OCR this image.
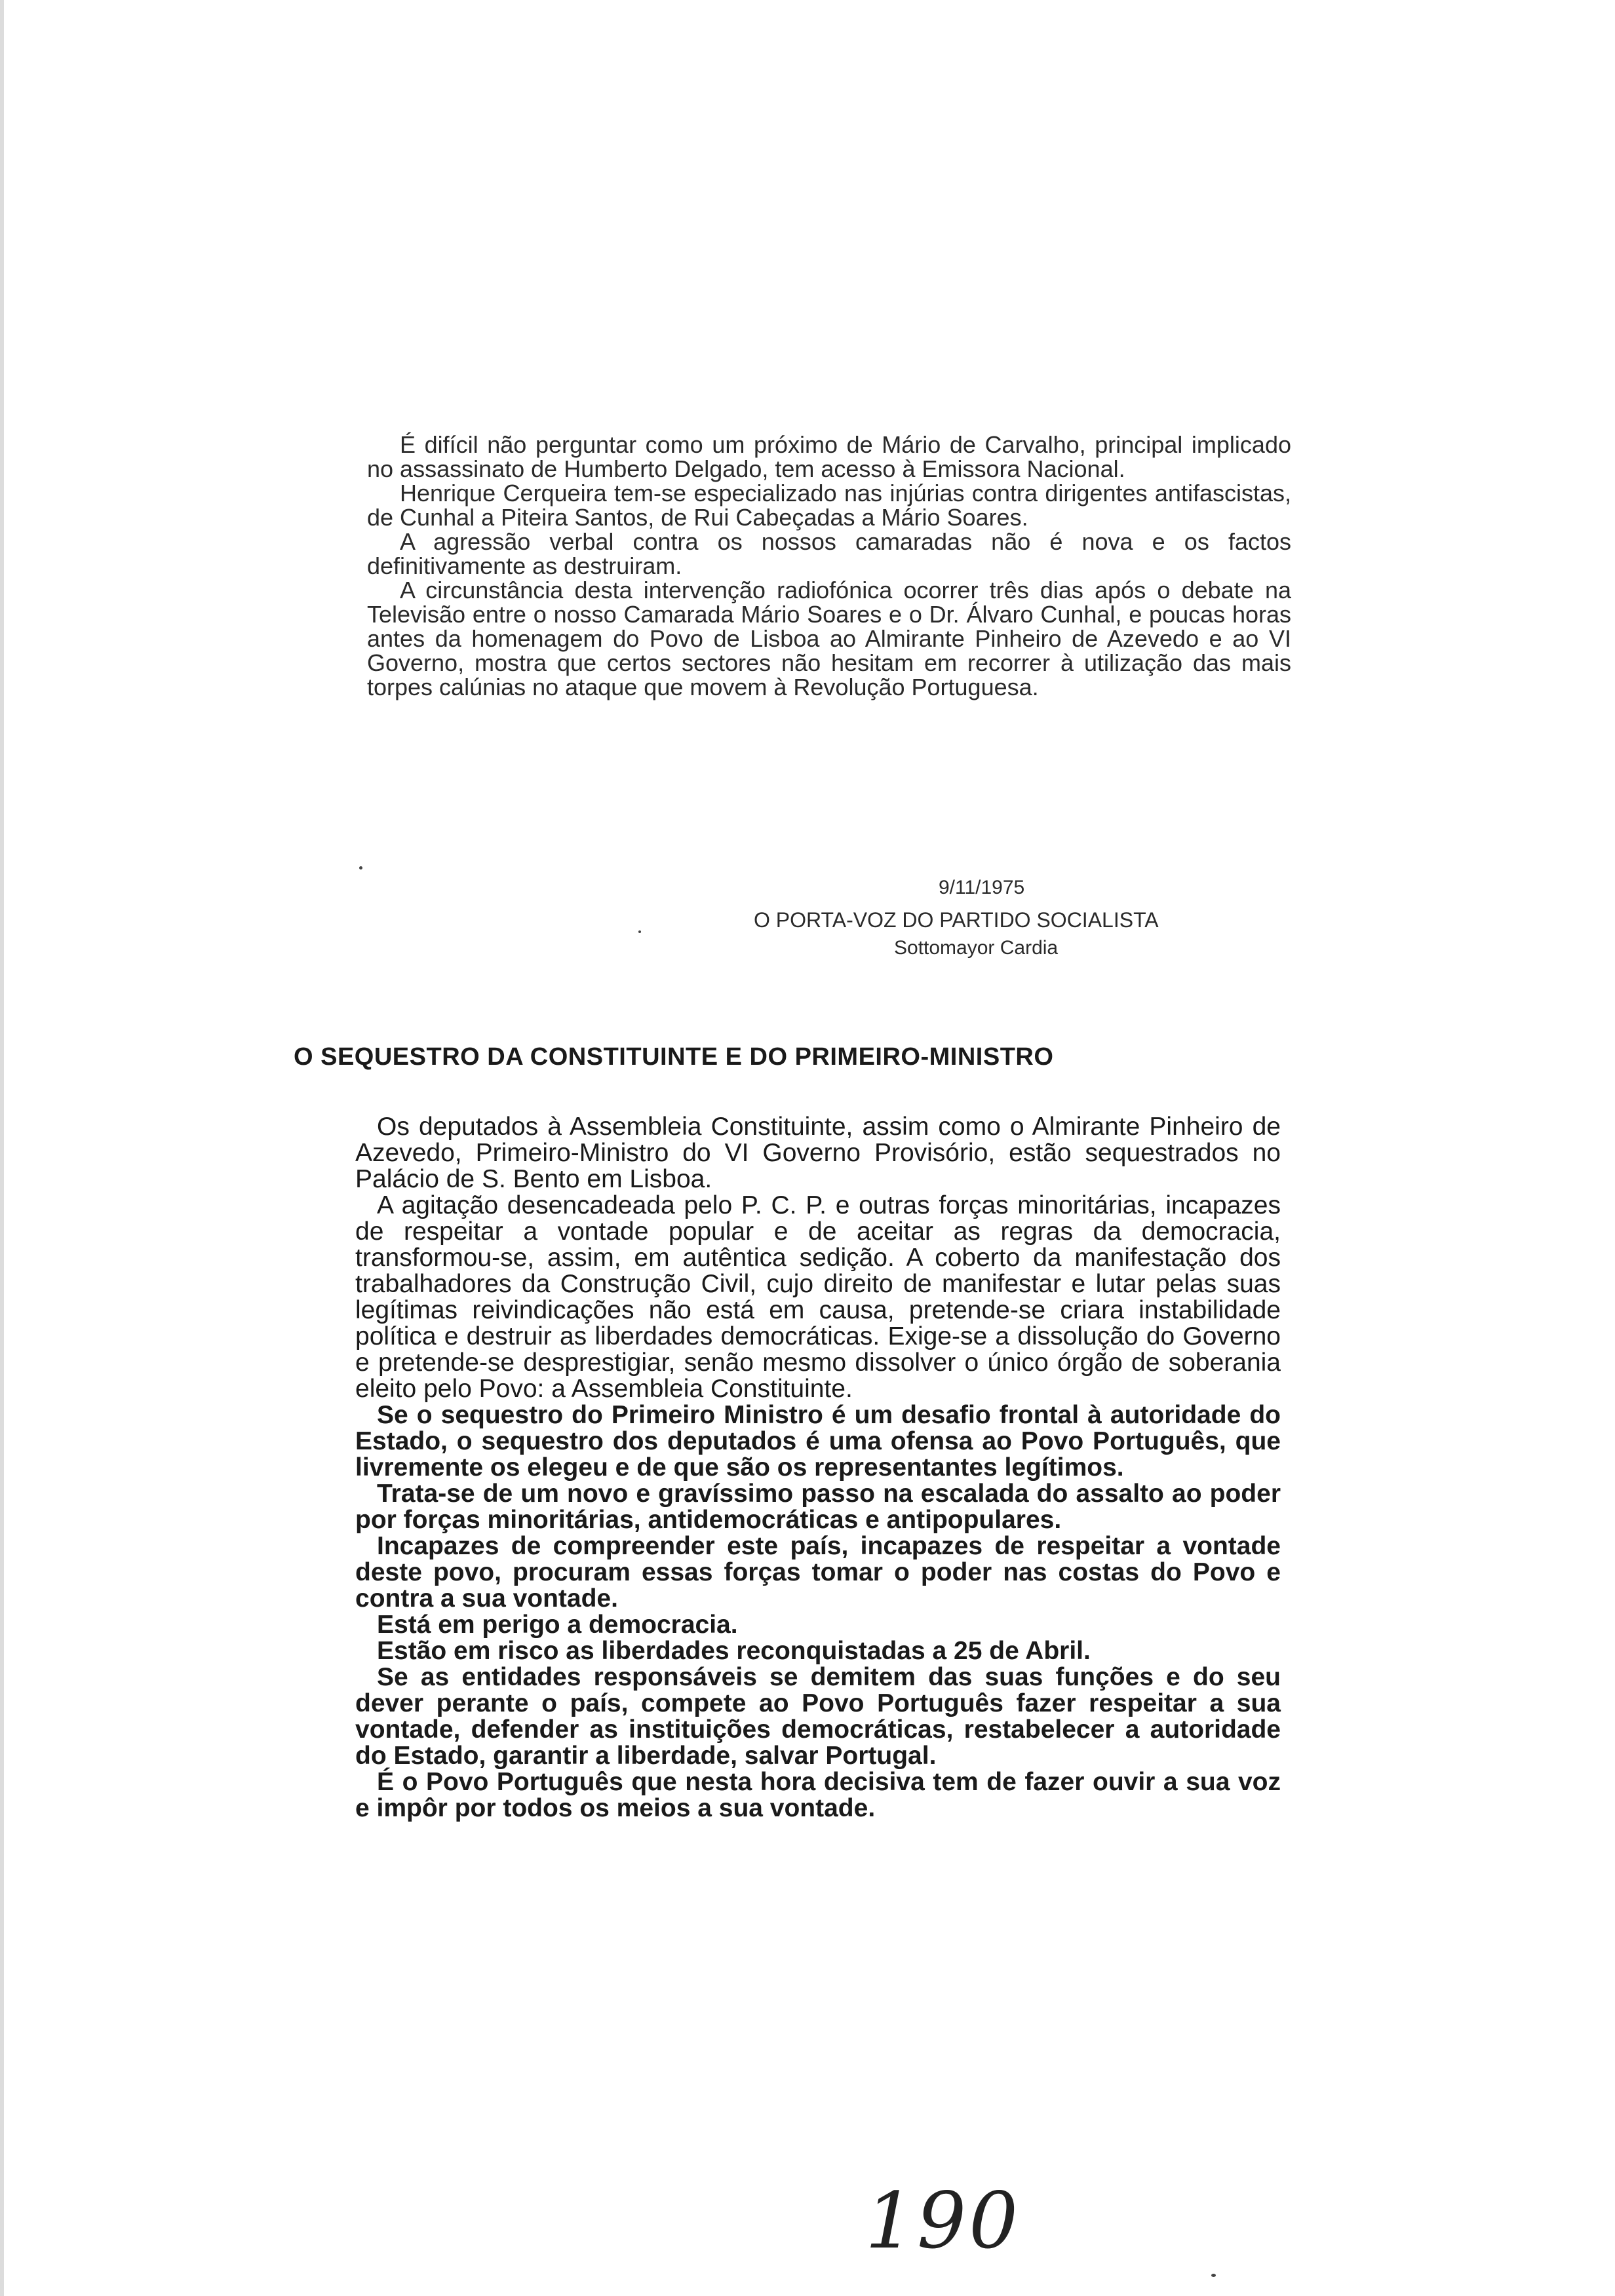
É difícil não perguntar como um próximo de Mário de Carvalho, principal implicado no assassinato de Humberto Delgado, tem acesso à Emissora Nacional.

Henrique Cerqueira tem-se especializado nas injúrias contra dirigentes antifascistas, de Cunhal a Piteira Santos, de Rui Cabeçadas a Mário Soares.

A agressão verbal contra os nossos camaradas não é nova e os factos definitivamente as destruiram.

A circunstância desta intervenção radiofónica ocorrer três dias após o debate na Televisão entre o nosso Camarada Mário Soares e o Dr. Álvaro Cunhal, e poucas horas antes da homenagem do Povo de Lisboa ao Almirante Pinheiro de Azevedo e ao VI Governo, mostra que certos sectores não hesitam em recorrer à utilização das mais torpes calúnias no ataque que movem à Revolução Portuguesa.

9/11/1975
O PORTA-VOZ DO PARTIDO SOCIALISTA
Sottomayor Cardia
O SEQUESTRO DA CONSTITUINTE E DO PRIMEIRO-MINISTRO

Os deputados à Assembleia Constituinte, assim como o Almirante Pinheiro de Azevedo, Primeiro-Ministro do VI Governo Provisório, estão sequestrados no Palácio de S. Bento em Lisboa.

A agitação desencadeada pelo P. C. P. e outras forças minoritárias, incapazes de respeitar a vontade popular e de aceitar as regras da democracia, transformou-se, assim, em autêntica sedição. A coberto da manifestação dos trabalhadores da Construção Civil, cujo direito de manifestar e lutar pelas suas legítimas reivindicações não está em causa, pretende-se criara instabilidade política e destruir as liberdades democráticas. Exige-se a dissolução do Governo e pretende-se desprestigiar, senão mesmo dissolver o único órgão de soberania eleito pelo Povo: a Assembleia Constituinte.

Se o sequestro do Primeiro Ministro é um desafio frontal à autoridade do Estado, o sequestro dos deputados é uma ofensa ao Povo Português, que livremente os elegeu e de que são os representantes legítimos.

Trata-se de um novo e gravíssimo passo na escalada do assalto ao poder por forças minoritárias, antidemocráticas e antipopulares.

Incapazes de compreender este país, incapazes de respeitar a vontade deste povo, procuram essas forças tomar o poder nas costas do Povo e contra a sua vontade.

Está em perigo a democracia.

Estão em risco as liberdades reconquistadas a 25 de Abril.

Se as entidades responsáveis se demitem das suas funções e do seu dever perante o país, compete ao Povo Português fazer respeitar a sua vontade, defender as instituições democráticas, restabelecer a autoridade do Estado, garantir a liberdade, salvar Portugal.

É o Povo Português que nesta hora decisiva tem de fazer ouvir a sua voz e impôr por todos os meios a sua vontade.

190
